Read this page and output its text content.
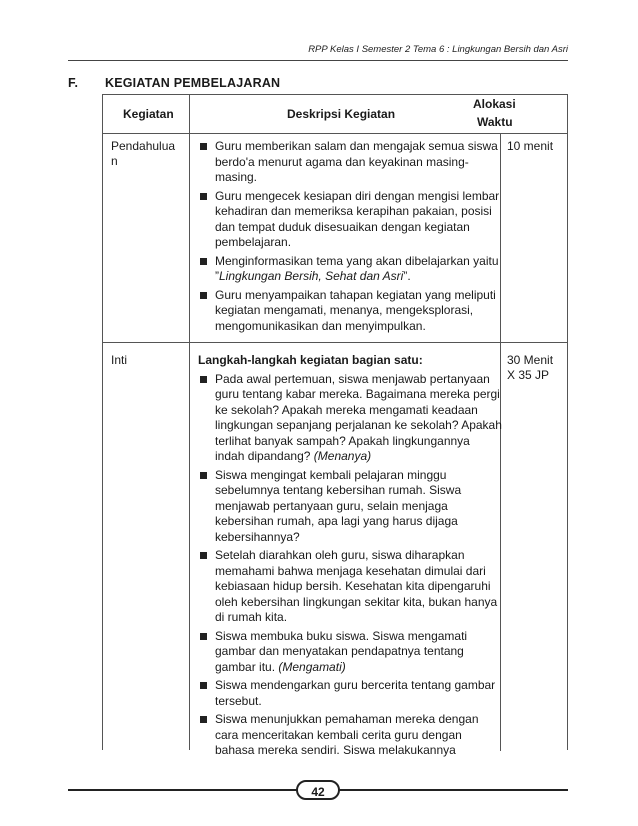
RPP Kelas I Semester 2 Tema 6 : Lingkungan Bersih dan Asri
F. KEGIATAN PEMBELAJARAN
Kegiatan	Deskripsi Kegiatan
Alokasi
Waktu
Pendahulua
n
Guru memberikan salam dan mengajak semua siswa berdo'a menurut agama dan keyakinan masing-masing.
Guru mengecek kesiapan diri dengan mengisi lembar kehadiran dan memeriksa kerapihan pakaian, posisi dan tempat duduk disesuaikan dengan kegiatan pembelajaran.
Menginformasikan tema yang akan dibelajarkan yaitu ”Lingkungan Bersih, Sehat dan Asri”.
Guru menyampaikan tahapan kegiatan yang meliputi kegiatan mengamati, menanya, mengeksplorasi, mengomunikasikan dan menyimpulkan.
10 menit
Inti	Langkah-langkah kegiatan bagian satu:
Pada awal pertemuan, siswa menjawab pertanyaan guru tentang kabar mereka. Bagaimana mereka pergi ke sekolah? Apakah mereka mengamati keadaan lingkungan sepanjang perjalanan ke sekolah? Apakah terlihat banyak sampah? Apakah lingkungannya indah dipandang? (Menanya)
Siswa mengingat kembali pelajaran minggu sebelumnya tentang kebersihan rumah. Siswa menjawab pertanyaan guru, selain menjaga kebersihan rumah, apa lagi yang harus dijaga kebersihannya?
Setelah diarahkan oleh guru, siswa diharapkan memahami bahwa menjaga kesehatan dimulai dari kebiasaan hidup bersih. Kesehatan kita dipengaruhi oleh kebersihan lingkungan sekitar kita, bukan hanya di rumah kita.
Siswa membuka buku siswa. Siswa mengamati gambar dan menyatakan pendapatnya tentang gambar itu. (Mengamati)
Siswa mendengarkan guru bercerita tentang gambar tersebut.
Siswa menunjukkan pemahaman mereka dengan cara menceritakan kembali cerita guru dengan bahasa mereka sendiri. Siswa melakukannya
30 Menit
X 35 JP
42
